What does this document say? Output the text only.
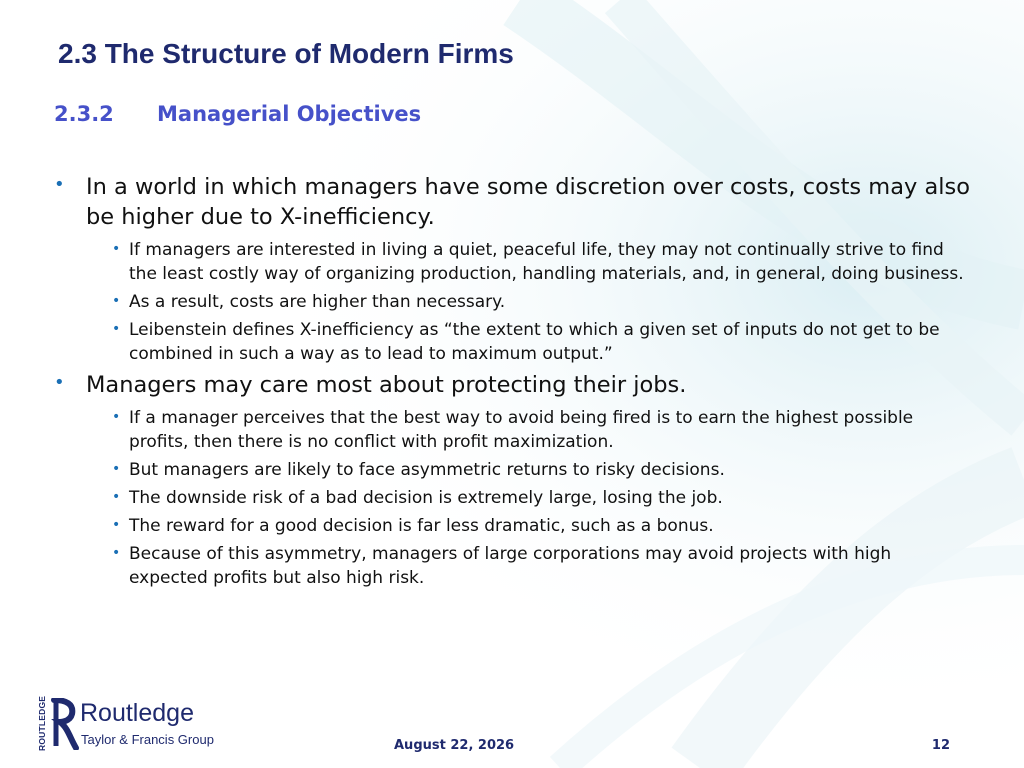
2.3 The Structure of Modern Firms
2.3.2 Managerial Objectives
• In a world in which managers have some discretion over costs, costs may also be higher due to X-inefficiency.
• If managers are interested in living a quiet, peaceful life, they may not continually strive to find the least costly way of organizing production, handling materials, and, in general, doing business.
• As a result, costs are higher than necessary.
• Leibenstein defines X-inefficiency as “the extent to which a given set of inputs do not get to be combined in such a way as to lead to maximum output.”
• Managers may care most about protecting their jobs.
• If a manager perceives that the best way to avoid being fired is to earn the highest possible profits, then there is no conflict with profit maximization.
• But managers are likely to face asymmetric returns to risky decisions.
• The downside risk of a bad decision is extremely large, losing the job.
• The reward for a good decision is far less dramatic, such as a bonus.
• Because of this asymmetry, managers of large corporations may avoid projects with high expected profits but also high risk.
ROUTLEDGE Routledge
Taylor & Francis Group	August 22, 2026	12
